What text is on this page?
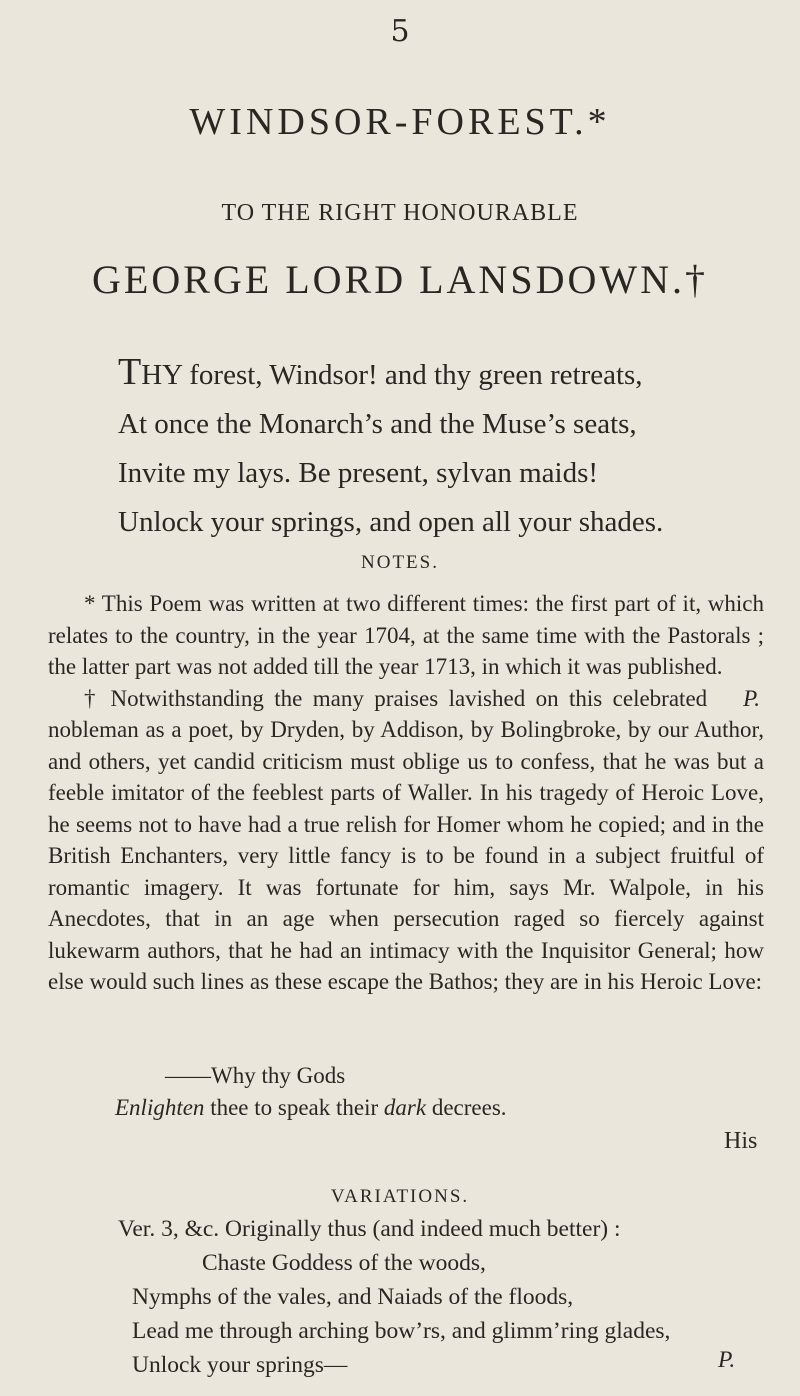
5
WINDSOR-FOREST.*
TO THE RIGHT HONOURABLE
GEORGE LORD LANSDOWN.†
THY forest, Windsor! and thy green retreats,
At once the Monarch’s and the Muse’s seats,
Invite my lays. Be present, sylvan maids!
Unlock your springs, and open all your shades.
NOTES.

* This Poem was written at two different times: the first part of it, which relates to the country, in the year 1704, at the same time with the Pastorals ; the latter part was not added till the year 1713, in which it was published.
P.

† Notwithstanding the many praises lavished on this celebrated nobleman as a poet, by Dryden, by Addison, by Bolingbroke, by our Author, and others, yet candid criticism must oblige us to confess, that he was but a feeble imitator of the feeblest parts of Waller. In his tragedy of Heroic Love, he seems not to have had a true relish for Homer whom he copied; and in the British Enchanters, very little fancy is to be found in a subject fruitful of romantic imagery. It was fortunate for him, says Mr. Walpole, in his Anecdotes, that in an age when persecution raged so fiercely against lukewarm authors, that he had an intimacy with the Inquisitor General; how else would such lines as these escape the Bathos; they are in his Heroic Love:

——Why thy Gods
Enlighten thee to speak their dark decrees.
His
VARIATIONS.
Ver. 3, &c. Originally thus (and indeed much better) :
Chaste Goddess of the woods,
Nymphs of the vales, and Naiads of the floods,
Lead me through arching bow’rs, and glimm’ring glades,
Unlock your springs—	P.
